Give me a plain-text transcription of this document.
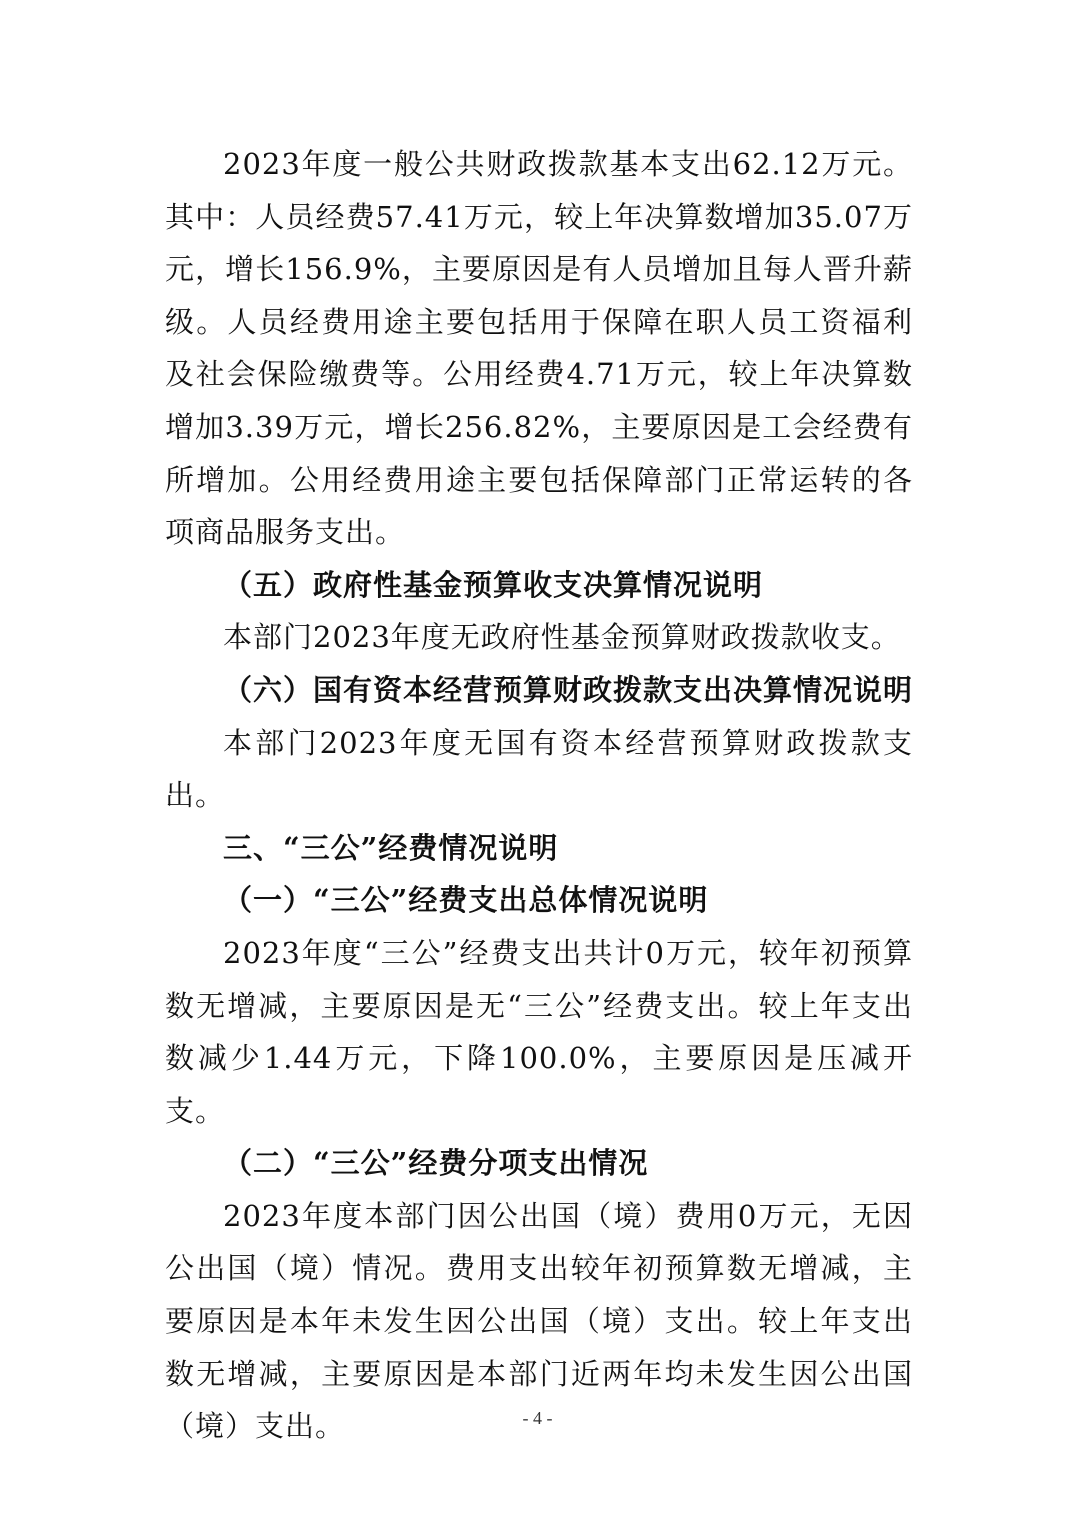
2023年度一般公共财政拨款基本支出62.12万元。其中：人员经费57.41万元，较上年决算数增加35.07万元，增长156.9%，主要原因是有人员增加且每人晋升薪级。人员经费用途主要包括用于保障在职人员工资福利及社会保险缴费等。公用经费4.71万元，较上年决算数增加3.39万元，增长256.82%，主要原因是工会经费有所增加。公用经费用途主要包括保障部门正常运转的各项商品服务支出。

（五）政府性基金预算收支决算情况说明

本部门2023年度无政府性基金预算财政拨款收支。

（六）国有资本经营预算财政拨款支出决算情况说明

本部门2023年度无国有资本经营预算财政拨款支出。

三、“三公”经费情况说明

（一）“三公”经费支出总体情况说明

2023年度“三公”经费支出共计0万元，较年初预算数无增减，主要原因是无“三公”经费支出。较上年支出数减少1.44万元，下降100.0%，主要原因是压减开支。

（二）“三公”经费分项支出情况

2023年度本部门因公出国（境）费用0万元，无因公出国（境）情况。费用支出较年初预算数无增减，主要原因是本年未发生因公出国（境）支出。较上年支出数无增减，主要原因是本部门近两年均未发生因公出国（境）支出。	- 4 -
